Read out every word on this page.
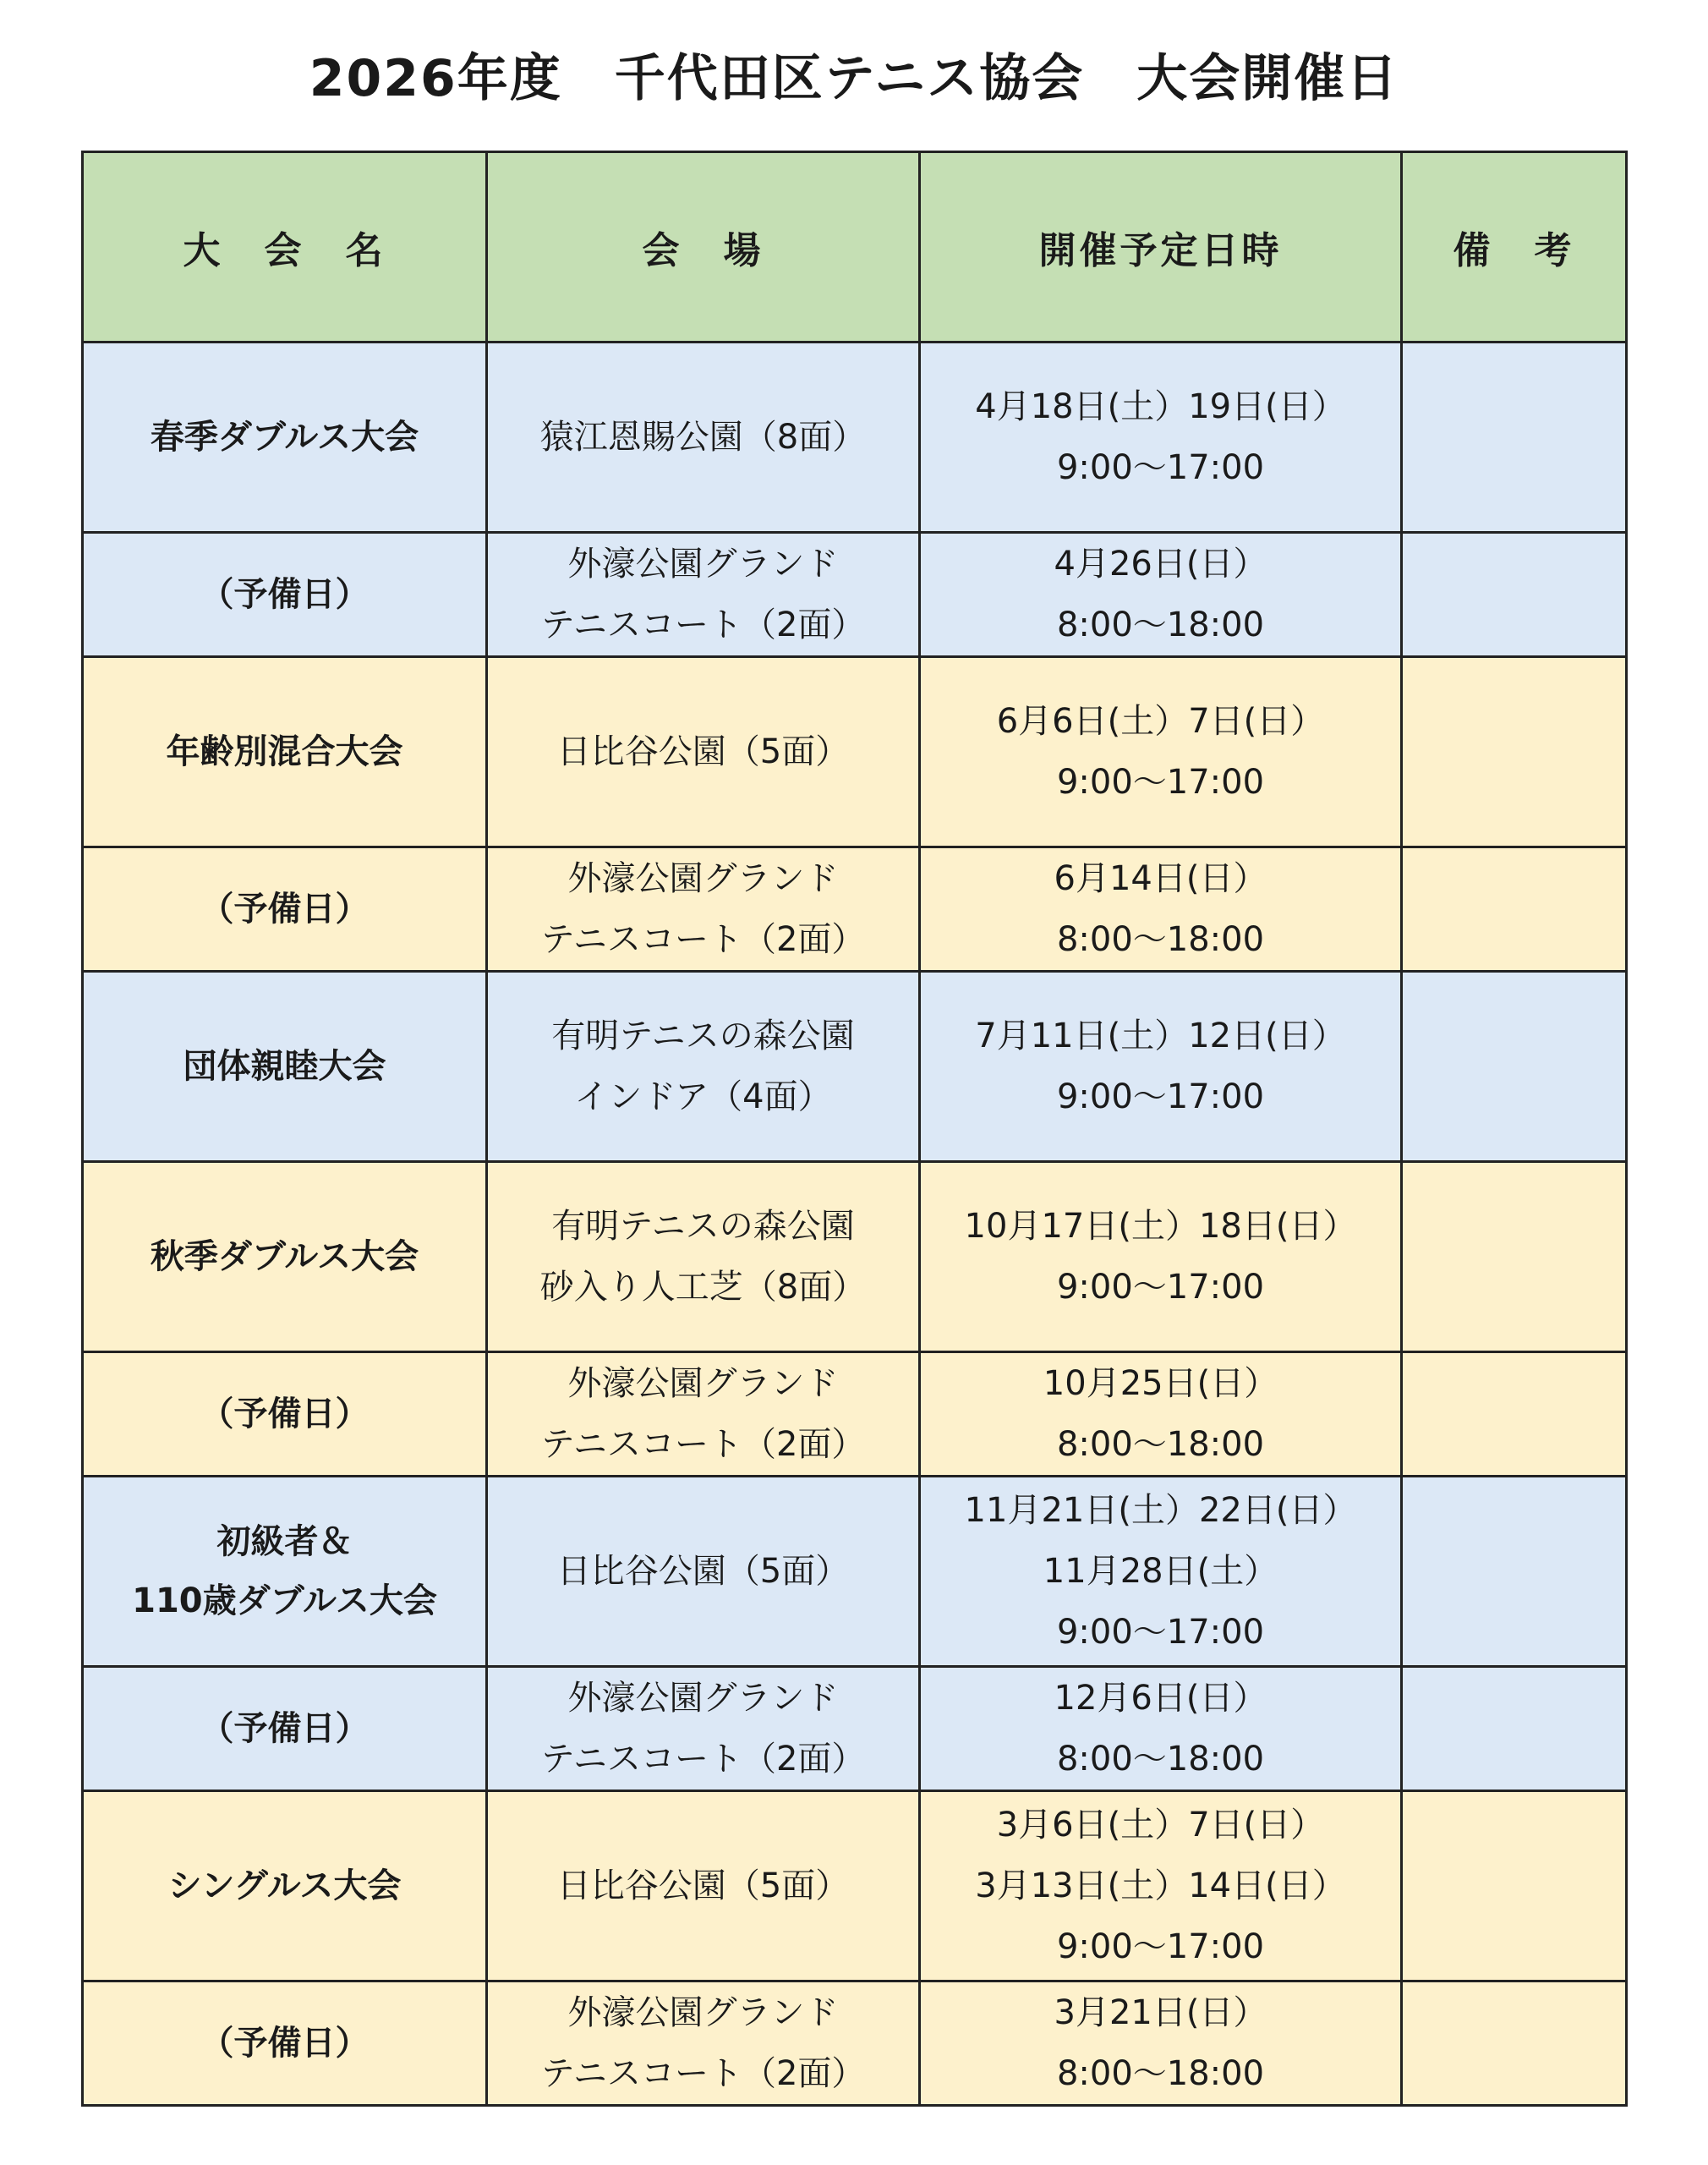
2026年度　千代田区テニス協会　大会開催日
大　会　名	会　場	開催予定日時	備　考

春季ダブルス大会	猿江恩賜公園（8面）	4月18日(土）19日(日）
9:00〜17:00	

（予備日）	外濠公園グランド
テニスコート（2面）	4月26日(日）
8:00〜18:00	

年齢別混合大会	日比谷公園（5面）	6月6日(土）7日(日）
9:00〜17:00	

（予備日）	外濠公園グランド
テニスコート（2面）	6月14日(日）
8:00〜18:00	

団体親睦大会	有明テニスの森公園
インドア（4面）	7月11日(土）12日(日）
9:00〜17:00	

秋季ダブルス大会	有明テニスの森公園
砂入り人工芝（8面）	10月17日(土）18日(日）
9:00〜17:00	

（予備日）	外濠公園グランド
テニスコート（2面）	10月25日(日）
8:00〜18:00	

初級者＆
110歳ダブルス大会	日比谷公園（5面）	11月21日(土）22日(日）
11月28日(土）
9:00〜17:00	

（予備日）	外濠公園グランド
テニスコート（2面）	12月6日(日）
8:00〜18:00	

シングルス大会	日比谷公園（5面）	3月6日(土）7日(日）
3月13日(土）14日(日）
9:00〜17:00	

（予備日）	外濠公園グランド
テニスコート（2面）	3月21日(日）
8:00〜18:00	
